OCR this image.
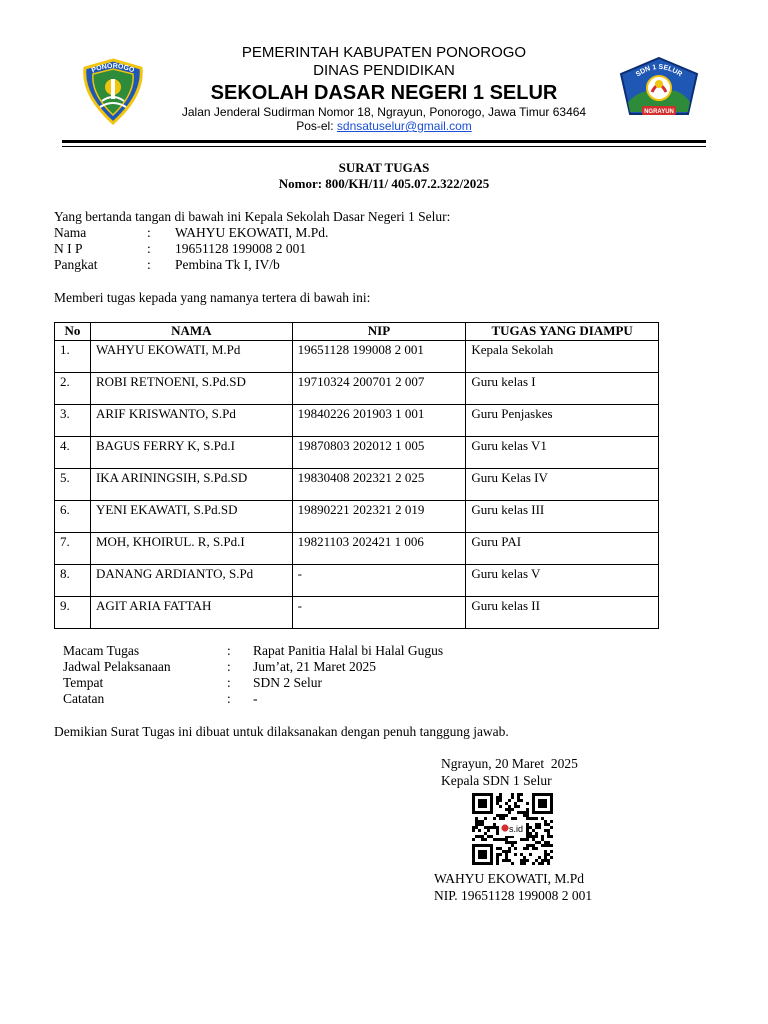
PONOROGO
PEMERINTAH KABUPATEN PONOROGO
DINAS PENDIDIKAN
SEKOLAH DASAR NEGERI 1 SELUR
Jalan Jenderal Sudirman Nomor 18, Ngrayun, Ponorogo, Jawa Timur 63464
Pos-el: sdnsatuselur@gmail.com
SDN 1 SELUR
NGRAYUN
SURAT TUGAS
Nomor: 800/KH/11/ 405.07.2.322/2025
Yang bertanda tangan di bawah ini Kepala Sekolah Dasar Negeri 1 Selur:
Nama	: WAHYU EKOWATI, M.Pd.
N I P	: 19651128 199008 2 001
Pangkat	: Pembina Tk I, IV/b
Memberi tugas kepada yang namanya tertera di bawah ini:
No	NAMA	NIP	TUGAS YANG DIAMPU
1.	WAHYU EKOWATI, M.Pd	19651128 199008 2 001	Kepala Sekolah
2.	ROBI RETNOENI, S.Pd.SD	19710324 200701 2 007	Guru kelas I
3.	ARIF KRISWANTO, S.Pd	19840226 201903 1 001	Guru Penjaskes
4.	BAGUS FERRY K, S.Pd.I	19870803 202012 1 005	Guru kelas V1
5.	IKA ARININGSIH, S.Pd.SD	19830408 202321 2 025	Guru Kelas IV
6.	YENI EKAWATI, S.Pd.SD	19890221 202321 2 019	Guru kelas III
7.	MOH, KHOIRUL. R, S.Pd.I	19821103 202421 1 006	Guru PAI
8.	DANANG ARDIANTO, S.Pd	-	Guru kelas V
9.	AGIT ARIA FATTAH	-	Guru kelas II
Macam Tugas	: Rapat Panitia Halal bi Halal Gugus
Jadwal Pelaksanaan	: Jum’at, 21 Maret 2025
Tempat	: SDN 2 Selur
Catatan	: -
Demikian Surat Tugas ini dibuat untuk dilaksanakan dengan penuh tanggung jawab.
Ngrayun, 20 Maret  2025
Kepala SDN 1 Selur
s.id
WAHYU EKOWATI, M.Pd
NIP. 19651128 199008 2 001
